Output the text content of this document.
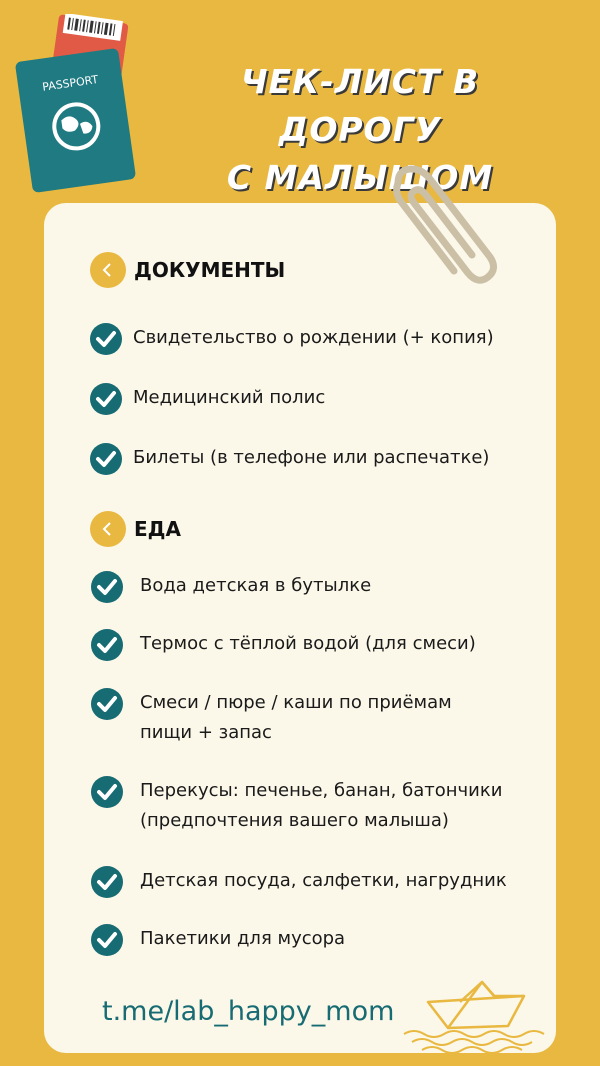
ЧЕК-ЛИСТ В ДОРОГУ
С МАЛЫШОМ
PASSPORT
ДОКУМЕНТЫ
Свидетельство о рождении (+ копия)
Медицинский полис
Билеты (в телефоне или распечатке)
ЕДА
Вода детская в бутылке
Термос с тёплой водой (для смеси)
Смеси / пюре / каши по приёмам
пищи + запас
Перекусы: печенье, банан, батончики
(предпочтения вашего малыша)
Детская посуда, салфетки, нагрудник
Пакетики для мусора
t.me/lab_happy_mom
